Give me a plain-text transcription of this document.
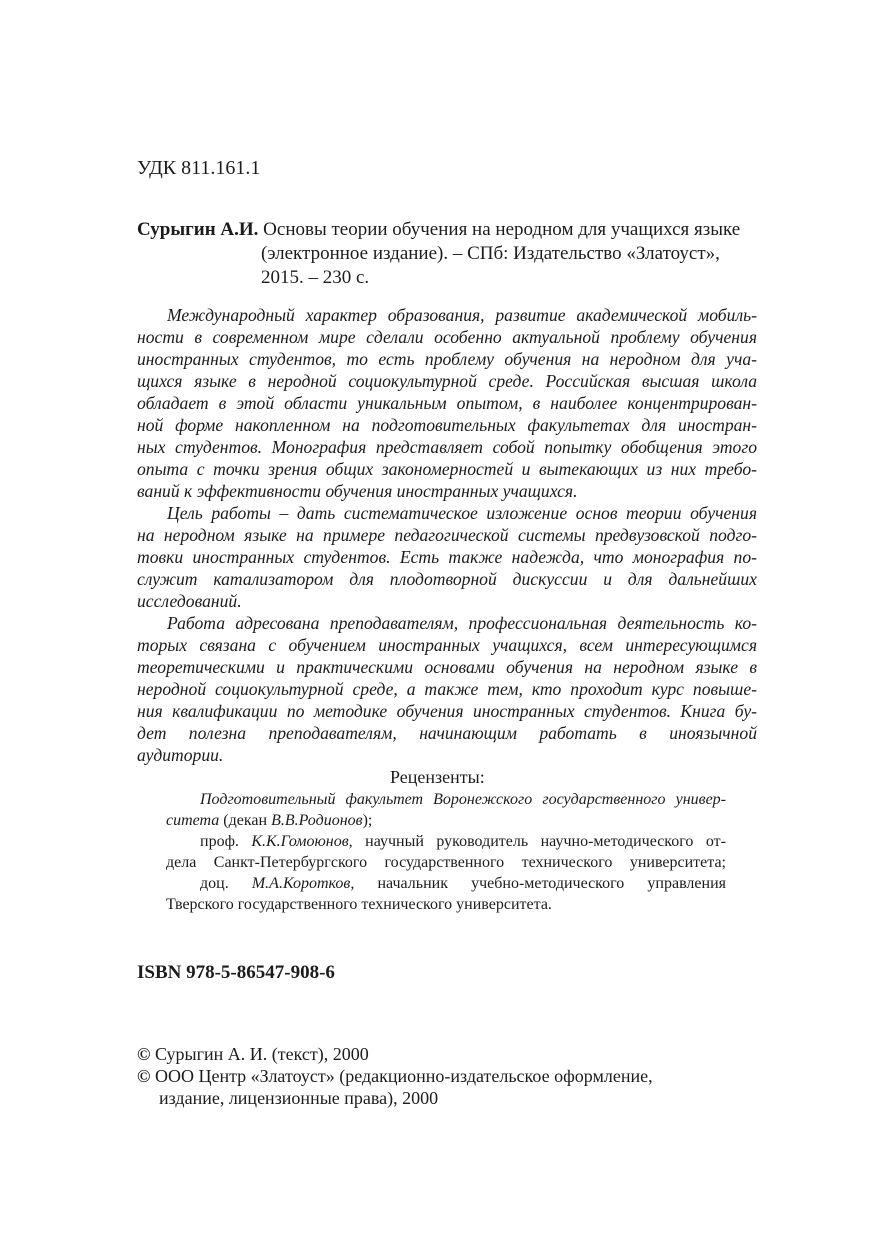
УДК 811.161.1
Сурыгин А.И. Основы теории обучения на неродном для учащихся языке
(электронное издание). – СПб: Издательство «Златоуст»,
2015. – 230 с.
Международный характер образования, развитие академической мобиль-
ности в современном мире сделали особенно актуальной проблему обучения
иностранных студентов, то есть проблему обучения на неродном для уча-
щихся языке в неродной социокультурной среде. Российская высшая школа
обладает в этой области уникальным опытом, в наиболее концентрирован-
ной форме накопленном на подготовительных факультетах для иностран-
ных студентов. Монография представляет собой попытку обобщения этого
опыта с точки зрения общих закономерностей и вытекающих из них требо-
ваний к эффективности обучения иностранных учащихся.
Цель работы – дать систематическое изложение основ теории обучения
на неродном языке на примере педагогической системы предвузовской подго-
товки иностранных студентов. Есть также надежда, что монография по-
служит катализатором для плодотворной дискуссии и для дальнейших
исследований.
Работа адресована преподавателям, профессиональная деятельность ко-
торых связана с обучением иностранных учащихся, всем интересующимся
теоретическими и практическими основами обучения на неродном языке в
неродной социокультурной среде, а также тем, кто проходит курс повыше-
ния квалификации по методике обучения иностранных студентов. Книга бу-
дет полезна преподавателям, начинающим работать в иноязычной
аудитории.
Рецензенты:
Подготовительный факультет Воронежского государственного универ-
ситета (декан В.В.Родионов);
проф. К.К.Гомоюнов, научный руководитель научно-методического от-
дела Санкт-Петербургского государственного технического университета;
доц. М.А.Коротков, начальник учебно-методического управления
Тверского государственного технического университета.
ISBN 978-5-86547-908-6
© Сурыгин А. И. (текст), 2000
© ООО Центр «Златоуст» (редакционно-издательское оформление,
издание, лицензионные права), 2000
